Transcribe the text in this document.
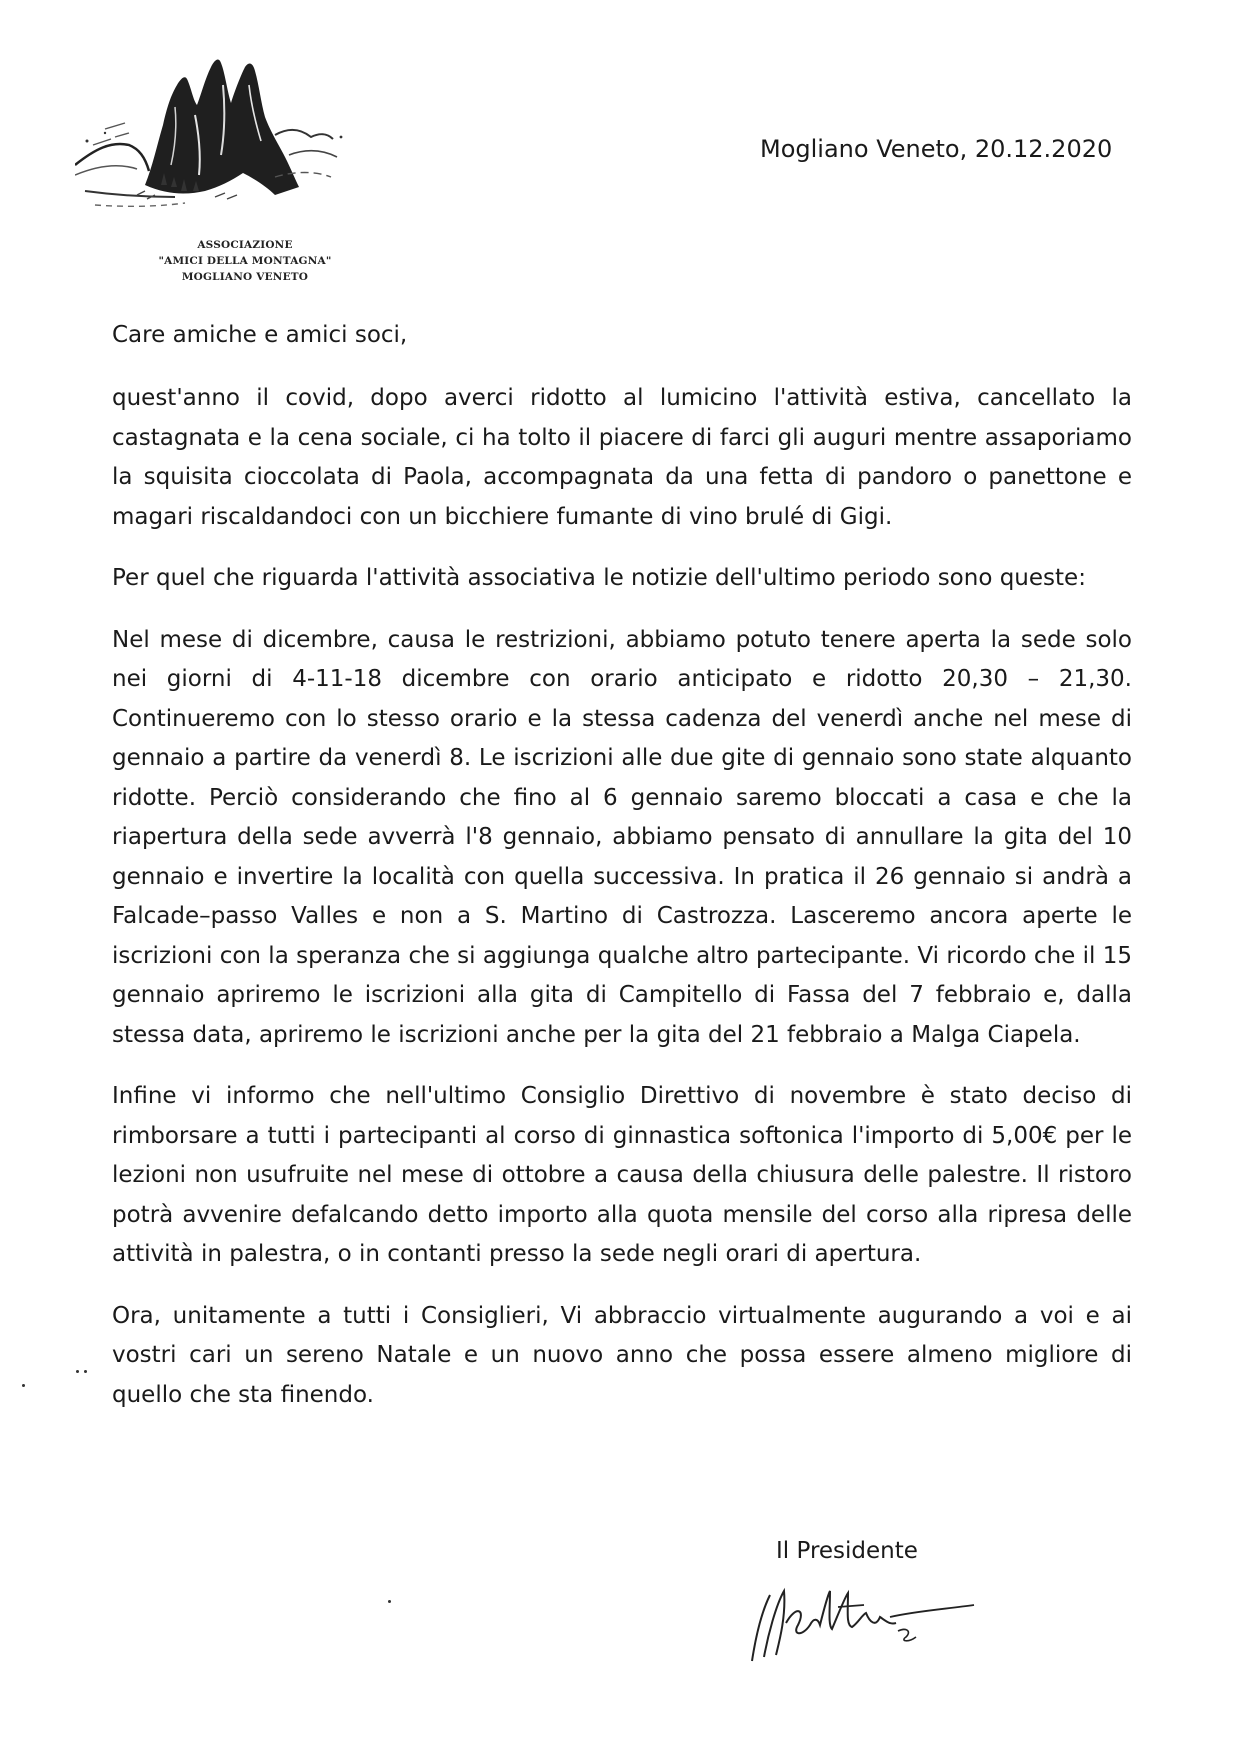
ASSOCIAZIONE
"AMICI DELLA MONTAGNA"
MOGLIANO VENETO
Mogliano Veneto, 20.12.2020
Care amiche e amici soci,

quest'anno il covid, dopo averci ridotto al lumicino l'attività estiva, cancellato la castagnata e la cena sociale, ci ha tolto il piacere di farci gli auguri mentre assaporiamo la squisita cioccolata di Paola, accompagnata da una fetta di pandoro o panettone e magari riscaldandoci con un bicchiere fumante di vino brulé di Gigi.

Per quel che riguarda l'attività associativa le notizie dell'ultimo periodo sono queste:

Nel mese di dicembre, causa le restrizioni, abbiamo potuto tenere aperta la sede solo nei giorni di 4-11-18 dicembre con orario anticipato e ridotto 20,30 – 21,30. Continueremo con lo stesso orario e la stessa cadenza del venerdì anche nel mese di gennaio a partire da venerdì 8. Le iscrizioni alle due gite di gennaio sono state alquanto ridotte. Perciò considerando che fino al 6 gennaio saremo bloccati a casa e che la riapertura della sede avverrà l'8 gennaio, abbiamo pensato di annullare la gita del 10 gennaio e invertire la località con quella successiva. In pratica il 26 gennaio si andrà a Falcade–passo Valles e non a S. Martino di Castrozza. Lasceremo ancora aperte le iscrizioni con la speranza che si aggiunga qualche altro partecipante. Vi ricordo che il 15 gennaio apriremo le iscrizioni alla gita di Campitello di Fassa del 7 febbraio e, dalla stessa data, apriremo le iscrizioni anche per la gita del 21 febbraio a Malga Ciapela.

Infine vi informo che nell'ultimo Consiglio Direttivo di novembre è stato deciso di rimborsare a tutti i partecipanti al corso di ginnastica softonica l'importo di 5,00€ per le lezioni non usufruite nel mese di ottobre a causa della chiusura delle palestre. Il ristoro potrà avvenire defalcando detto importo alla quota mensile del corso alla ripresa delle attività in palestra, o in contanti presso la sede negli orari di apertura.

Ora, unitamente a tutti i Consiglieri, Vi abbraccio virtualmente augurando a voi e ai vostri cari un sereno Natale e un nuovo anno che possa essere almeno migliore di quello che sta finendo.

Il Presidente
